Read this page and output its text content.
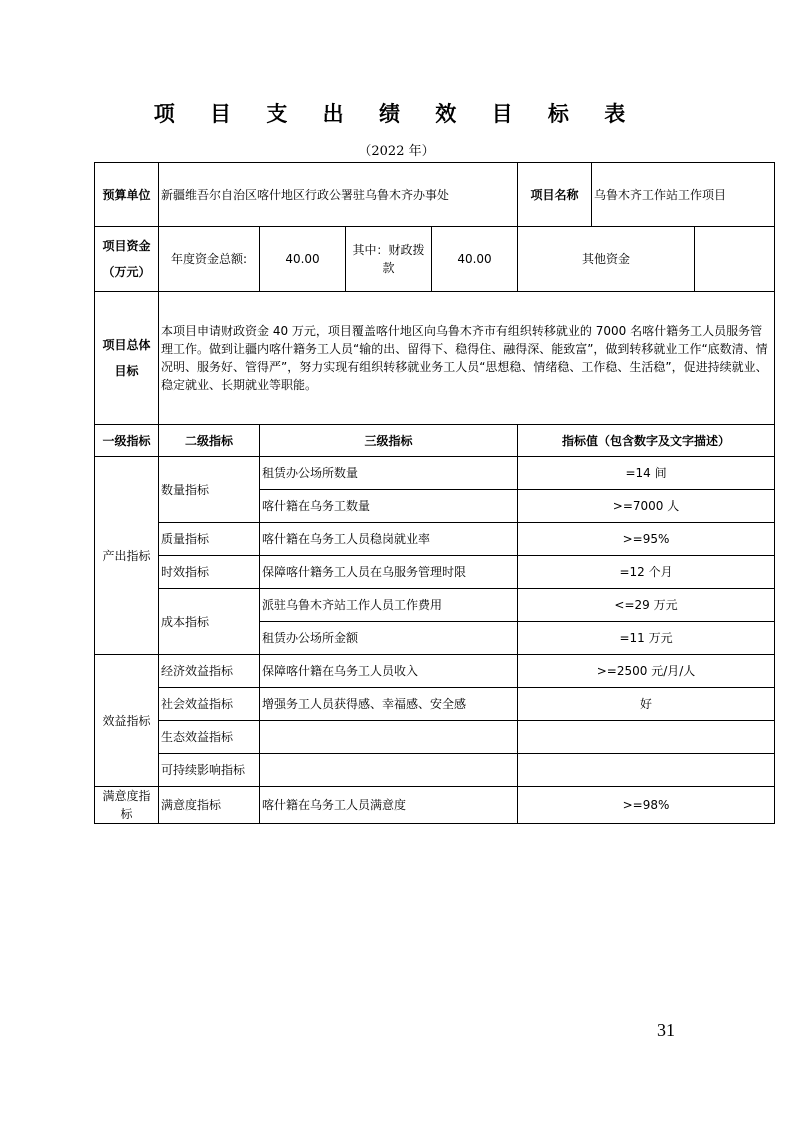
项 目 支 出 绩 效 目 标 表
（2022 年）
预算单位	新疆维吾尔自治区喀什地区行政公署驻乌鲁木齐办事处				项目名称	乌鲁木齐工作站工作项目	
项目资金（万元）	年度资金总额:	40.00	其中：财政拨款	40.00	其他资金		
项目总体目标	本项目申请财政资金 40 万元，项目覆盖喀什地区向乌鲁木齐市有组织转移就业的 7000 名喀什籍务工人员服务管理工作。做到让疆内喀什籍务工人员“输的出、留得下、稳得住、融得深、能致富”，做到转移就业工作“底数清、情况明、服务好、管得严”，努力实现有组织转移就业务工人员“思想稳、情绪稳、工作稳、生活稳”，促进持续就业、稳定就业、长期就业等职能。						
一级指标	二级指标	三级指标			指标值（包含数字及文字描述）		
产出指标	数量指标	租赁办公场所数量			=14 间		
		喀什籍在乌务工数量			>=7000 人		
	质量指标	喀什籍在乌务工人员稳岗就业率			>=95%		
	时效指标	保障喀什籍务工人员在乌服务管理时限			=12 个月		
	成本指标	派驻乌鲁木齐站工作人员工作费用			<=29 万元		
		租赁办公场所金额			=11 万元		
效益指标	经济效益指标	保障喀什籍在乌务工人员收入			>=2500 元/月/人		
	社会效益指标	增强务工人员获得感、幸福感、安全感			好		
	生态效益指标						
	可持续影响指标						
满意度指标	满意度指标	喀什籍在乌务工人员满意度			>=98%		
31
